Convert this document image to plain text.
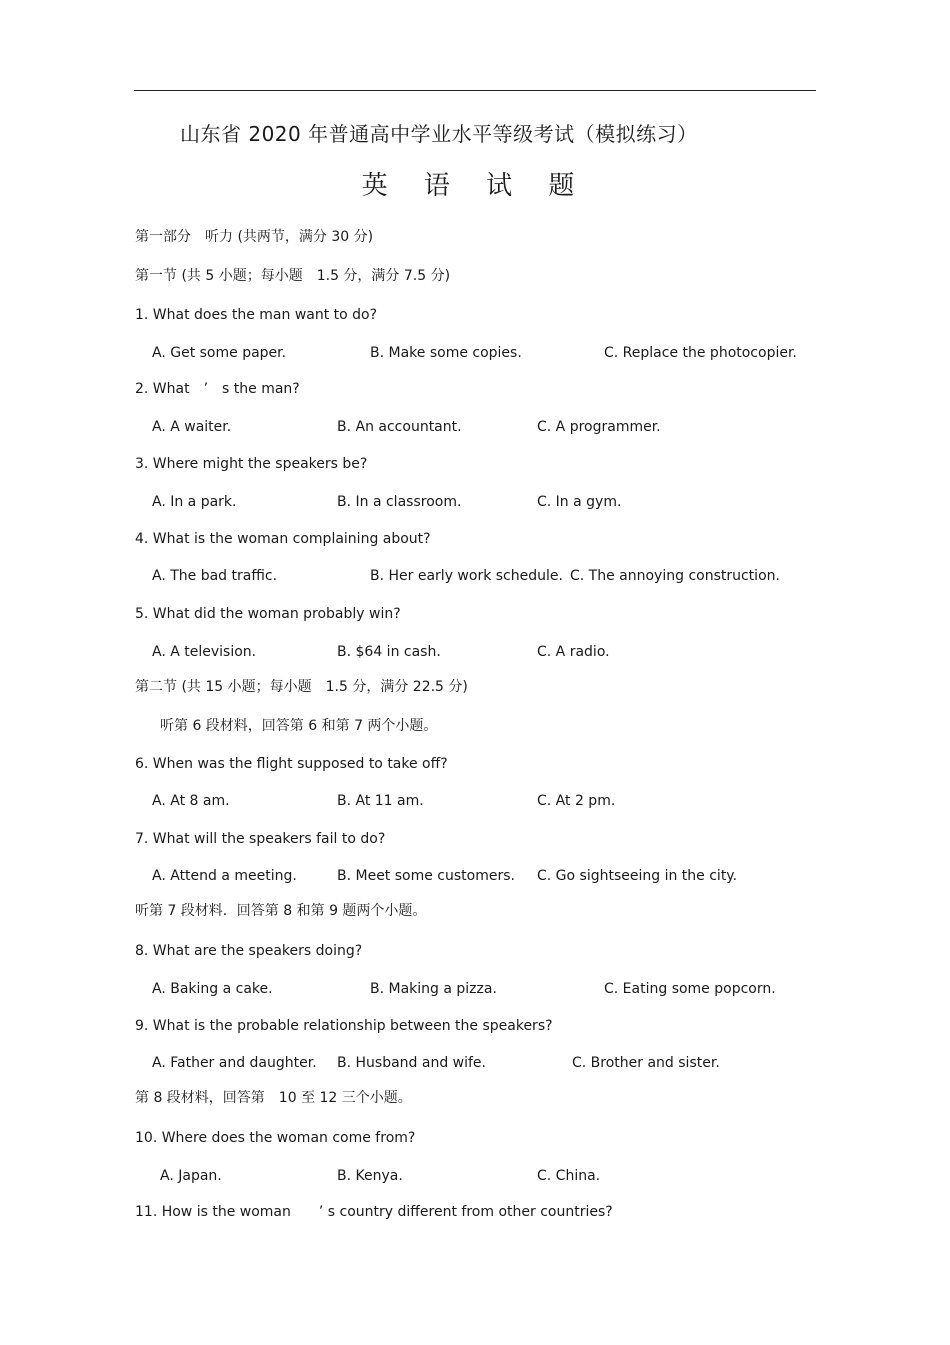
山东省 2020 年普通高中学业水平等级考试（模拟练习）
英 语 试 题
第一部分　听力 (共两节，满分 30 分)
第一节 (共 5 小题；每小题　1.5 分，满分 7.5 分)
1. What does the man want to do?
A. Get some paper.	B. Make some copies.	C. Replace the photocopier.
2. What　’　s the man?
A. A waiter.	B. An accountant.	C. A programmer.
3. Where might the speakers be?
A. In a park.	B. In a classroom.	C. In a gym.
4. What is the woman complaining about?
A. The bad traffic.	B. Her early work schedule. C. The annoying construction.
5. What did the woman probably win?
A. A television.	B. $64 in cash.	C. A radio.
第二节 (共 15 小题；每小题　1.5 分，满分 22.5 分)
听第 6 段材料，回答第 6 和第 7 两个小题。
6. When was the flight supposed to take off?
A. At 8 am.	B. At 11 am.	C. At 2 pm.
7. What will the speakers fail to do?
A. Attend a meeting.	B. Meet some customers. C. Go sightseeing in the city.
听第 7 段材料．回答第 8 和第 9 题两个小题。
8. What are the speakers doing?
A. Baking a cake.	B. Making a pizza.	C. Eating some popcorn.
9. What is the probable relationship between the speakers?
A. Father and daughter. B. Husband and wife.	C. Brother and sister.
第 8 段材料，回答第　10 至 12 三个小题。
10. Where does the woman come from?
A. Japan.	B. Kenya.	C. China.
11. How is the woman　　’ s country different from other countries?
